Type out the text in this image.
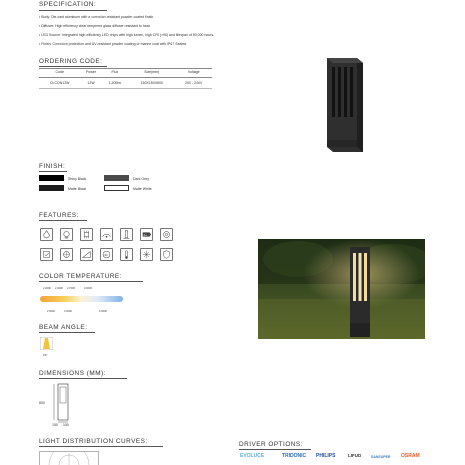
SPECIFICATION:
• Body: Die-cast aluminum with a corrosion-resistant powder-coated finish.
• Diffuser: High efficiency clear tempered glass diffuser resistant to heat.
• LED Source: Integrated high-efficiency LED chips with high lumen, high CRI (>90) and lifespan of 50,000 hours.
• Finish: Corrosion protection and UV-resistant powder coating or marine coat with IP67 Sealed.
ORDERING CODE:
Code	Power	Flux	Size(mm)	Voltage
CLCON12W	12W	1,200lm	150X150X800	200 - 240V
FINISH:
Shiny Black	Dark Grey
Matte Black	Matte White
FEATURES:
A+
90
COLOR TEMPERATURE:
2,200K 2,400K 2,700K	3,000K
2,500K	3,000K	6,000K
BEAM ANGLE:
15°
DIMENSIONS (MM):
800
150 150
LIGHT DISTRIBUTION CURVES:	DRIVER OPTIONS:
EVOLUCE	TRIDONIC PHILIPS	LIFUD	SANSUPER OSRAM
